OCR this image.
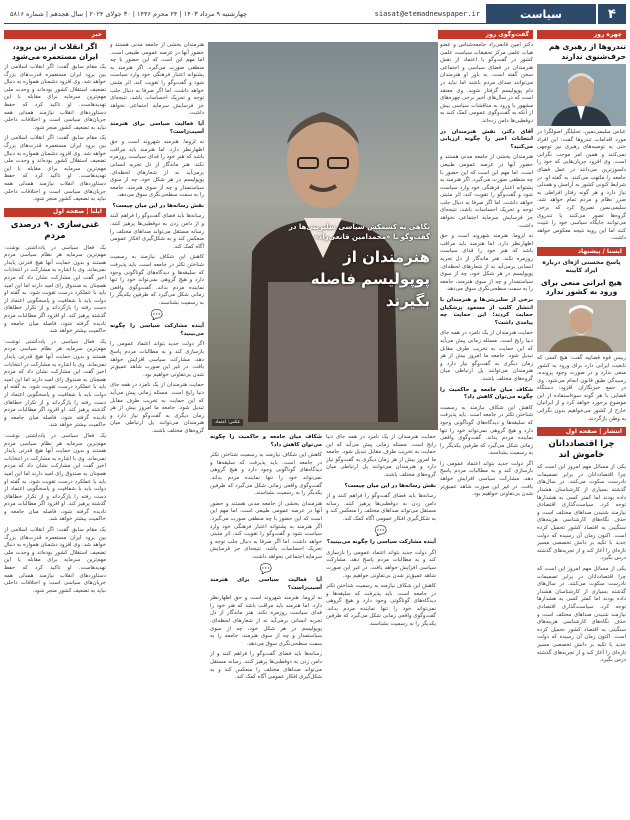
۴
سیاست
siasat@etemadnewspaper.ir
چهارشنبه ۹ مرداد ۱۴۰۳ | ۲۴ محرم ۱۴۴۶ | ۳۰ جولای ۲۰۲۴ | سال هجدهم | شماره ۵۸۱۶
چهره روز
تندروها از رهبری هم حرف‌شنوی ندارند

عباس سلیمی‌نمین، تحلیلگر اصولگرا در مورد اقدامات تندروها گفت: این افراد حتی به توصیه‌های رهبری نیز توجهی نمی‌کنند و همین امر موجب نگرانی است. وی افزود جریان‌هایی که خود را دلسوزترین می‌دانند در عمل فضای جامعه را ملتهب می‌کنند. به گفته او، در شرایط کنونی کشور به آرامش و همدلی نیاز دارد و هر گونه رفتار افراطی به ضرر نظام و مردم تمام خواهد شد. سلیمی‌نمین تصریح کرد که برخی گروه‌ها تصور می‌کنند با تندروی می‌توانند جایگاه سیاسی خود را تثبیت کنند اما این رویه نتیجه معکوس خواهد داشت.

ایسنا / پیشنهاد
پاسخ محسنی اژه‌ای درباره ایراد کابینه
هیچ ایرانی منعی برای ورود به کشور ندارد

رییس قوه قضاییه گفت: هیچ کسی که تابعیت ایرانی دارد برای ورود به کشور منعی ندارد و در صورت وجود پرونده، رسیدگی طبق قانون انجام می‌شود. وی در جمع خبرنگاران افزود: دستگاه قضایی با هر گونه سوءاستفاده از این موضوع برخورد خواهد کرد و از ایرانیان خارج از کشور می‌خواهیم بدون نگرانی به وطن بازگردند.

انتشار | صفحه اول
چرا اقتصاددانان خاموش اند

یکی از مسائل مهم امروز این است که چرا اقتصاددانان در برابر تصمیمات نادرست سکوت می‌کنند. در سال‌های گذشته بسیاری از کارشناسان هشدار داده بودند اما کمتر کسی به هشدارها توجه کرد. سیاست‌گذاری اقتصادی نیازمند شنیدن صداهای مختلف است و حذف نگاه‌های کارشناسی هزینه‌های سنگینی به اقتصاد کشور تحمیل کرده است. اکنون زمان آن رسیده که دولت جدید با تکیه بر دانش تخصصی مسیر تازه‌ای را آغاز کند و از تجربه‌های گذشته درس بگیرد.

یکی از مسائل مهم امروز این است که چرا اقتصاددانان در برابر تصمیمات نادرست سکوت می‌کنند. در سال‌های گذشته بسیاری از کارشناسان هشدار داده بودند اما کمتر کسی به هشدارها توجه کرد. سیاست‌گذاری اقتصادی نیازمند شنیدن صداهای مختلف است و حذف نگاه‌های کارشناسی هزینه‌های سنگینی به اقتصاد کشور تحمیل کرده است. اکنون زمان آن رسیده که دولت جدید با تکیه بر دانش تخصصی مسیر تازه‌ای را آغاز کند و از تجربه‌های گذشته درس بگیرد.

گفت‌وگوی روز
نگاهی به کشمکش سیاسی سلبریتی‌ها در گفت‌وگو با «محمدامین قانعی‌راد»
هنرمندان از پوپولیسم فاصله بگیرند
عکس: اعتماد

دکتر امین قانعی‌راد جامعه‌شناس و عضو هیات علمی مرکز تحقیقات سیاست علمی کشور در گفت‌وگو با اعتماد از نقش هنرمندان در فضای سیاسی و اجتماعی سخن گفته است. به باور او هنرمندان می‌توانند صدای مردم باشند اما نباید در دام پوپولیسم گرفتار شوند. وی معتقد است که در سال‌های اخیر برخی چهره‌های مشهور با ورود به مناقشات سیاسی بیش از آنکه به گفت‌وگوی عمومی کمک کنند به دوقطبی‌ها دامن زده‌اند.

آقای دکتر، نقش هنرمندان در انتخابات اخیر را چگونه ارزیابی می‌کنید؟

هنرمندان بخشی از جامعه مدنی هستند و حضور آنها در عرصه عمومی طبیعی است. اما مهم این است که این حضور با چه منطقی صورت می‌گیرد. اگر هنرمند به پشتوانه اعتبار فرهنگی خود وارد سیاست شود و گفت‌وگو را تقویت کند، اثر مثبتی خواهد داشت. اما اگر صرفا به دنبال جلب توجه و تحریک احساسات باشد، نتیجه‌ای جز فرسایش سرمایه اجتماعی نخواهد داشت.

نه لزوما. هنرمند شهروند است و حق اظهارنظر دارد. اما هنرمند باید مراقب باشد که هنر خود را فدای سیاست روزمره نکند. هنر ماندگار از دل تجربه انسانی برمی‌آید نه از شعارهای لحظه‌ای. پوپولیسم در هر شکل خود، چه از سوی سیاستمدار و چه از سوی هنرمند، جامعه را به سمت سطحی‌نگری سوق می‌دهد.

برخی از سلبریتی‌ها و هنرمندان با انتشار کلیپ از مسعود پزشکیان حمایت کردند؛ این حمایت چه پیامدی داشت؟

حمایت هنرمندان از یک نامزد در همه جای دنیا رایج است. مسئله زمانی پیش می‌آید که این حمایت به تخریب طرف مقابل تبدیل شود. جامعه ما امروز بیش از هر زمان دیگری به گفت‌وگو نیاز دارد و هنرمندان می‌توانند پل ارتباطی میان گروه‌های مختلف باشند.

شکاف میان جامعه و حاکمیت را چگونه می‌توان کاهش داد؟

کاهش این شکاف نیازمند به رسمیت شناختن تکثر در جامعه است. باید پذیرفت که سلیقه‌ها و دیدگاه‌های گوناگونی وجود دارد و هیچ گروهی نمی‌تواند خود را تنها نماینده مردم بداند. گفت‌وگوی واقعی زمانی شکل می‌گیرد که طرفین یکدیگر را به رسمیت بشناسند.

اگر دولت جدید بتواند اعتماد عمومی را بازسازی کند و به مطالبات مردم پاسخ دهد، مشارکت سیاسی افزایش خواهد یافت. در غیر این صورت شاهد عمیق‌تر شدن بی‌تفاوتی خواهیم بود.

هنرمندان بخشی از جامعه مدنی هستند و حضور آنها در عرصه عمومی طبیعی است. اما مهم این است که این حضور با چه منطقی صورت می‌گیرد. اگر هنرمند به پشتوانه اعتبار فرهنگی خود وارد سیاست شود و گفت‌وگو را تقویت کند، اثر مثبتی خواهد داشت. اما اگر صرفا به دنبال جلب توجه و تحریک احساسات باشد، نتیجه‌ای جز فرسایش سرمایه اجتماعی نخواهد داشت.

آیا فعالیت سیاسی برای هنرمند آسیب‌زاست؟

نه لزوما. هنرمند شهروند است و حق اظهارنظر دارد. اما هنرمند باید مراقب باشد که هنر خود را فدای سیاست روزمره نکند. هنر ماندگار از دل تجربه انسانی برمی‌آید نه از شعارهای لحظه‌ای. پوپولیسم در هر شکل خود، چه از سوی سیاستمدار و چه از سوی هنرمند، جامعه را به سمت سطحی‌نگری سوق می‌دهد.

نقش رسانه‌ها در این میان چیست؟

رسانه‌ها باید فضای گفت‌وگو را فراهم کنند و از دامن زدن به دوقطبی‌ها پرهیز کنند. رسانه مستقل می‌تواند صداهای مختلف را منعکس کند و به شکل‌گیری افکار عمومی آگاه کمک کند.

کاهش این شکاف نیازمند به رسمیت شناختن تکثر در جامعه است. باید پذیرفت که سلیقه‌ها و دیدگاه‌های گوناگونی وجود دارد و هیچ گروهی نمی‌تواند خود را تنها نماینده مردم بداند. گفت‌وگوی واقعی زمانی شکل می‌گیرد که طرفین یکدیگر را به رسمیت بشناسند.

💬

آینده مشارکت سیاسی را چگونه می‌بینید؟

اگر دولت جدید بتواند اعتماد عمومی را بازسازی کند و به مطالبات مردم پاسخ دهد، مشارکت سیاسی افزایش خواهد یافت. در غیر این صورت شاهد عمیق‌تر شدن بی‌تفاوتی خواهیم بود.

حمایت هنرمندان از یک نامزد در همه جای دنیا رایج است. مسئله زمانی پیش می‌آید که این حمایت به تخریب طرف مقابل تبدیل شود. جامعه ما امروز بیش از هر زمان دیگری به گفت‌وگو نیاز دارد و هنرمندان می‌توانند پل ارتباطی میان گروه‌های مختلف باشند.

حمایت هنرمندان از یک نامزد در همه جای دنیا رایج است. مسئله زمانی پیش می‌آید که این حمایت به تخریب طرف مقابل تبدیل شود. جامعه ما امروز بیش از هر زمان دیگری به گفت‌وگو نیاز دارد و هنرمندان می‌توانند پل ارتباطی میان گروه‌های مختلف باشند.

نقش رسانه‌ها در این میان چیست؟

رسانه‌ها باید فضای گفت‌وگو را فراهم کنند و از دامن زدن به دوقطبی‌ها پرهیز کنند. رسانه مستقل می‌تواند صداهای مختلف را منعکس کند و به شکل‌گیری افکار عمومی آگاه کمک کند.

💬

آینده مشارکت سیاسی را چگونه می‌بینید؟

اگر دولت جدید بتواند اعتماد عمومی را بازسازی کند و به مطالبات مردم پاسخ دهد، مشارکت سیاسی افزایش خواهد یافت. در غیر این صورت شاهد عمیق‌تر شدن بی‌تفاوتی خواهیم بود.

کاهش این شکاف نیازمند به رسمیت شناختن تکثر در جامعه است. باید پذیرفت که سلیقه‌ها و دیدگاه‌های گوناگونی وجود دارد و هیچ گروهی نمی‌تواند خود را تنها نماینده مردم بداند. گفت‌وگوی واقعی زمانی شکل می‌گیرد که طرفین یکدیگر را به رسمیت بشناسند.

شکاف میان جامعه و حاکمیت را چگونه می‌توان کاهش داد؟

کاهش این شکاف نیازمند به رسمیت شناختن تکثر در جامعه است. باید پذیرفت که سلیقه‌ها و دیدگاه‌های گوناگونی وجود دارد و هیچ گروهی نمی‌تواند خود را تنها نماینده مردم بداند. گفت‌وگوی واقعی زمانی شکل می‌گیرد که طرفین یکدیگر را به رسمیت بشناسند.

هنرمندان بخشی از جامعه مدنی هستند و حضور آنها در عرصه عمومی طبیعی است. اما مهم این است که این حضور با چه منطقی صورت می‌گیرد. اگر هنرمند به پشتوانه اعتبار فرهنگی خود وارد سیاست شود و گفت‌وگو را تقویت کند، اثر مثبتی خواهد داشت. اما اگر صرفا به دنبال جلب توجه و تحریک احساسات باشد، نتیجه‌ای جز فرسایش سرمایه اجتماعی نخواهد داشت.

💬

آیا فعالیت سیاسی برای هنرمند آسیب‌زاست؟

نه لزوما. هنرمند شهروند است و حق اظهارنظر دارد. اما هنرمند باید مراقب باشد که هنر خود را فدای سیاست روزمره نکند. هنر ماندگار از دل تجربه انسانی برمی‌آید نه از شعارهای لحظه‌ای. پوپولیسم در هر شکل خود، چه از سوی سیاستمدار و چه از سوی هنرمند، جامعه را به سمت سطحی‌نگری سوق می‌دهد.

رسانه‌ها باید فضای گفت‌وگو را فراهم کنند و از دامن زدن به دوقطبی‌ها پرهیز کنند. رسانه مستقل می‌تواند صداهای مختلف را منعکس کند و به شکل‌گیری افکار عمومی آگاه کمک کند.

خبر
اگر انقلاب از بین برود، ایران مستعمره می‌شود

یک مقام سابق گفت: اگر انقلاب اسلامی از بین برود ایران مستعمره قدرت‌های بزرگ خواهد شد. وی افزود دشمنان همواره به دنبال تضعیف استقلال کشور بوده‌اند و وحدت ملی مهم‌ترین سرمایه برای مقابله با این تهدیدهاست. او تاکید کرد که حفظ دستاوردهای انقلاب نیازمند همدلی همه جریان‌های سیاسی است و اختلافات داخلی نباید به تضعیف کشور منجر شود.

یک مقام سابق گفت: اگر انقلاب اسلامی از بین برود ایران مستعمره قدرت‌های بزرگ خواهد شد. وی افزود دشمنان همواره به دنبال تضعیف استقلال کشور بوده‌اند و وحدت ملی مهم‌ترین سرمایه برای مقابله با این تهدیدهاست. او تاکید کرد که حفظ دستاوردهای انقلاب نیازمند همدلی همه جریان‌های سیاسی است و اختلافات داخلی نباید به تضعیف کشور منجر شود.

ایلنا | صفحه اول
غنی‌سازی ۹۰ درصدی مردم

یک فعال سیاسی در یادداشتی نوشت: مهم‌ترین سرمایه هر نظام سیاسی مردم هستند و بدون حمایت آنها هیچ قدرتی پایدار نمی‌ماند. وی با اشاره به مشارکت در انتخابات اخیر گفت این مشارکت نشان داد که مردم همچنان به صندوق رای امید دارند اما این امید باید با عملکرد درست تقویت شود. به گفته او دولت باید با شفافیت و پاسخگویی اعتماد از دست رفته را بازگرداند و از تکرار خطاهای گذشته پرهیز کند. او افزود اگر مطالبات مردم نادیده گرفته شود، فاصله میان جامعه و حاکمیت بیشتر خواهد شد.

یک فعال سیاسی در یادداشتی نوشت: مهم‌ترین سرمایه هر نظام سیاسی مردم هستند و بدون حمایت آنها هیچ قدرتی پایدار نمی‌ماند. وی با اشاره به مشارکت در انتخابات اخیر گفت این مشارکت نشان داد که مردم همچنان به صندوق رای امید دارند اما این امید باید با عملکرد درست تقویت شود. به گفته او دولت باید با شفافیت و پاسخگویی اعتماد از دست رفته را بازگرداند و از تکرار خطاهای گذشته پرهیز کند. او افزود اگر مطالبات مردم نادیده گرفته شود، فاصله میان جامعه و حاکمیت بیشتر خواهد شد.

یک فعال سیاسی در یادداشتی نوشت: مهم‌ترین سرمایه هر نظام سیاسی مردم هستند و بدون حمایت آنها هیچ قدرتی پایدار نمی‌ماند. وی با اشاره به مشارکت در انتخابات اخیر گفت این مشارکت نشان داد که مردم همچنان به صندوق رای امید دارند اما این امید باید با عملکرد درست تقویت شود. به گفته او دولت باید با شفافیت و پاسخگویی اعتماد از دست رفته را بازگرداند و از تکرار خطاهای گذشته پرهیز کند. او افزود اگر مطالبات مردم نادیده گرفته شود، فاصله میان جامعه و حاکمیت بیشتر خواهد شد.

یک مقام سابق گفت: اگر انقلاب اسلامی از بین برود ایران مستعمره قدرت‌های بزرگ خواهد شد. وی افزود دشمنان همواره به دنبال تضعیف استقلال کشور بوده‌اند و وحدت ملی مهم‌ترین سرمایه برای مقابله با این تهدیدهاست. او تاکید کرد که حفظ دستاوردهای انقلاب نیازمند همدلی همه جریان‌های سیاسی است و اختلافات داخلی نباید به تضعیف کشور منجر شود.
